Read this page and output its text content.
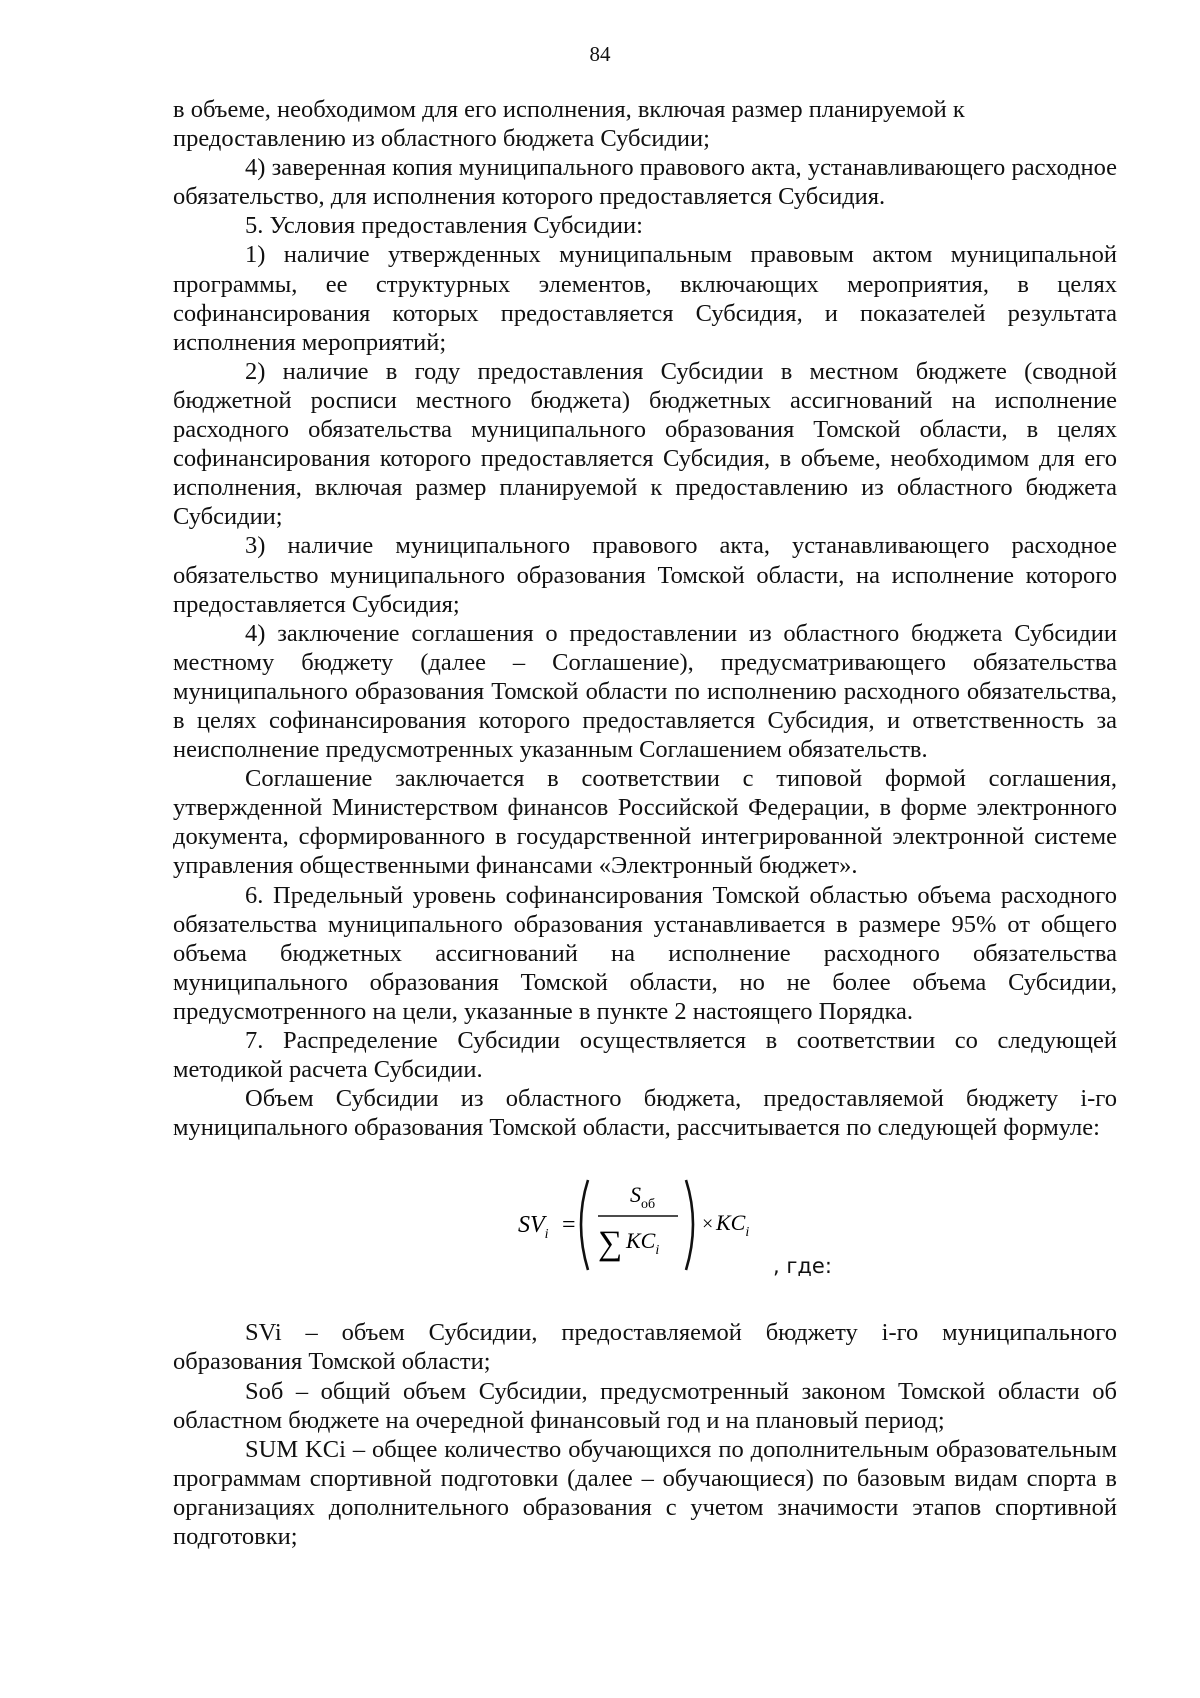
84

в объеме, необходимом для его исполнения, включая размер планируемой к предоставлению из областного бюджета Субсидии;

4) заверенная копия муниципального правового акта, устанавливающего расходное обязательство, для исполнения которого предоставляется Субсидия.

5. Условия предоставления Субсидии:

1) наличие утвержденных муниципальным правовым актом муниципальной программы, ее структурных элементов, включающих мероприятия, в целях софинансирования которых предоставляется Субсидия, и показателей результата исполнения мероприятий;

2) наличие в году предоставления Субсидии в местном бюджете (сводной бюджетной росписи местного бюджета) бюджетных ассигнований на исполнение расходного обязательства муниципального образования Томской области, в целях софинансирования которого предоставляется Субсидия, в объеме, необходимом для его исполнения, включая размер планируемой к предоставлению из областного бюджета Субсидии;

3) наличие муниципального правового акта, устанавливающего расходное обязательство муниципального образования Томской области, на исполнение которого предоставляется Субсидия;

4) заключение соглашения о предоставлении из областного бюджета Субсидии местному бюджету (далее – Соглашение), предусматривающего обязательства муниципального образования Томской области по исполнению расходного обязательства, в целях софинансирования которого предоставляется Субсидия, и ответственность за неисполнение предусмотренных указанным Соглашением обязательств.

Соглашение заключается в соответствии с типовой формой соглашения, утвержденной Министерством финансов Российской Федерации, в форме электронного документа, сформированного в государственной интегрированной электронной системе управления общественными финансами «Электронный бюджет».

6. Предельный уровень софинансирования Томской областью объема расходного обязательства муниципального образования устанавливается в размере 95% от общего объема бюджетных ассигнований на исполнение расходного обязательства муниципального образования Томской области, но не более объема Субсидии, предусмотренного на цели, указанные в пункте 2 настоящего Порядка.

7. Распределение Субсидии осуществляется в соответствии со следующей методикой расчета Субсидии.

Объем Субсидии из областного бюджета, предоставляемой бюджету i-го муниципального образования Томской области, рассчитывается по следующей формуле:

$SV_i$ =
$S_{об}$
∑ $KC_i$
× $KC_i$
, где:

SVi – объем Субсидии, предоставляемой бюджету i-го муниципального образования Томской области;

Sоб – общий объем Субсидии, предусмотренный законом Томской области об областном бюджете на очередной финансовый год и на плановый период;

SUM KCi – общее количество обучающихся по дополнительным образовательным программам спортивной подготовки (далее – обучающиеся) по базовым видам спорта в организациях дополнительного образования с учетом значимости этапов спортивной подготовки;
